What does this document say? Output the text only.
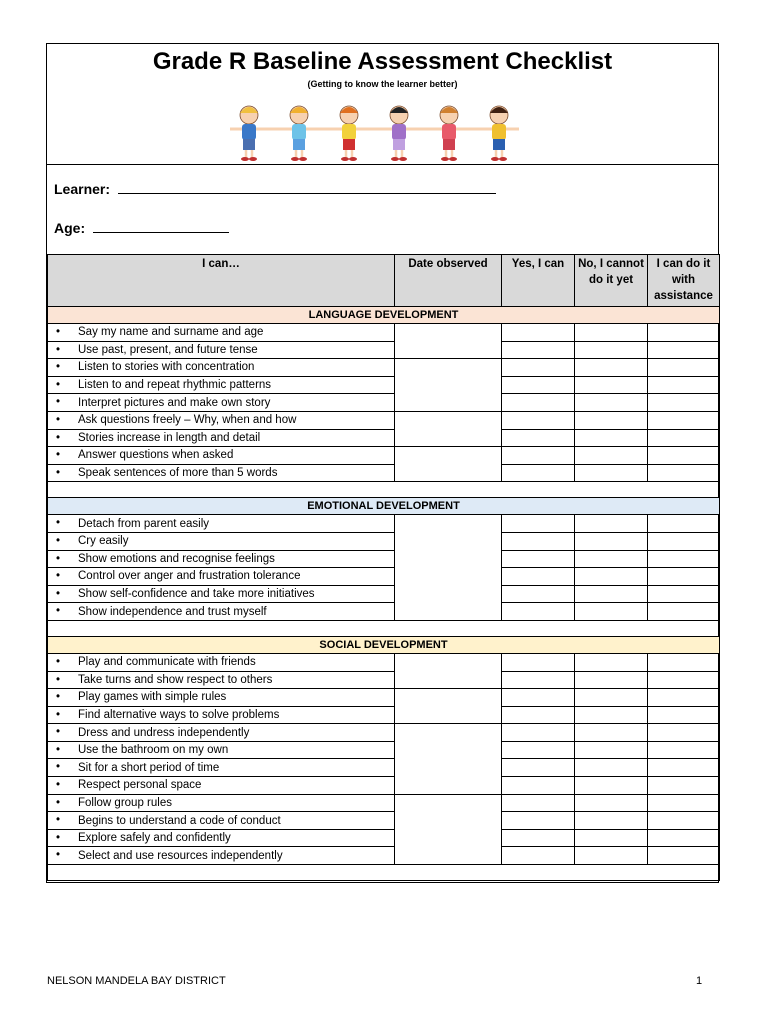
Grade R Baseline Assessment Checklist
(Getting to know the learner better)
Learner:
Age:
I can…	Date observed	Yes, I can	No, I cannot do it yet	I can do it with assistance
LANGUAGE DEVELOPMENT				

• Say my name and surname and age				

• Use past, present, and future tense				

• Listen to stories with concentration				

• Listen to and repeat rhythmic patterns				

• Interpret pictures and make own story				

• Ask questions freely – Why, when and how				

• Stories increase in length and detail				

• Answer questions when asked				

• Speak sentences of more than 5 words				

EMOTIONAL DEVELOPMENT				

• Detach from parent easily				

• Cry easily				

• Show emotions and recognise feelings				

• Control over anger and frustration tolerance				

• Show self-confidence and take more initiatives				

• Show independence and trust myself				

SOCIAL DEVELOPMENT				

• Play and communicate with friends				

• Take turns and show respect to others				

• Play games with simple rules				

• Find alternative ways to solve problems				

• Dress and undress independently				

• Use the bathroom on my own				

• Sit for a short period of time				

• Respect personal space				

• Follow group rules				

• Begins to understand a code of conduct				

• Explore safely and confidently				

• Select and use resources independently				

NELSON MANDELA BAY DISTRICT	1
